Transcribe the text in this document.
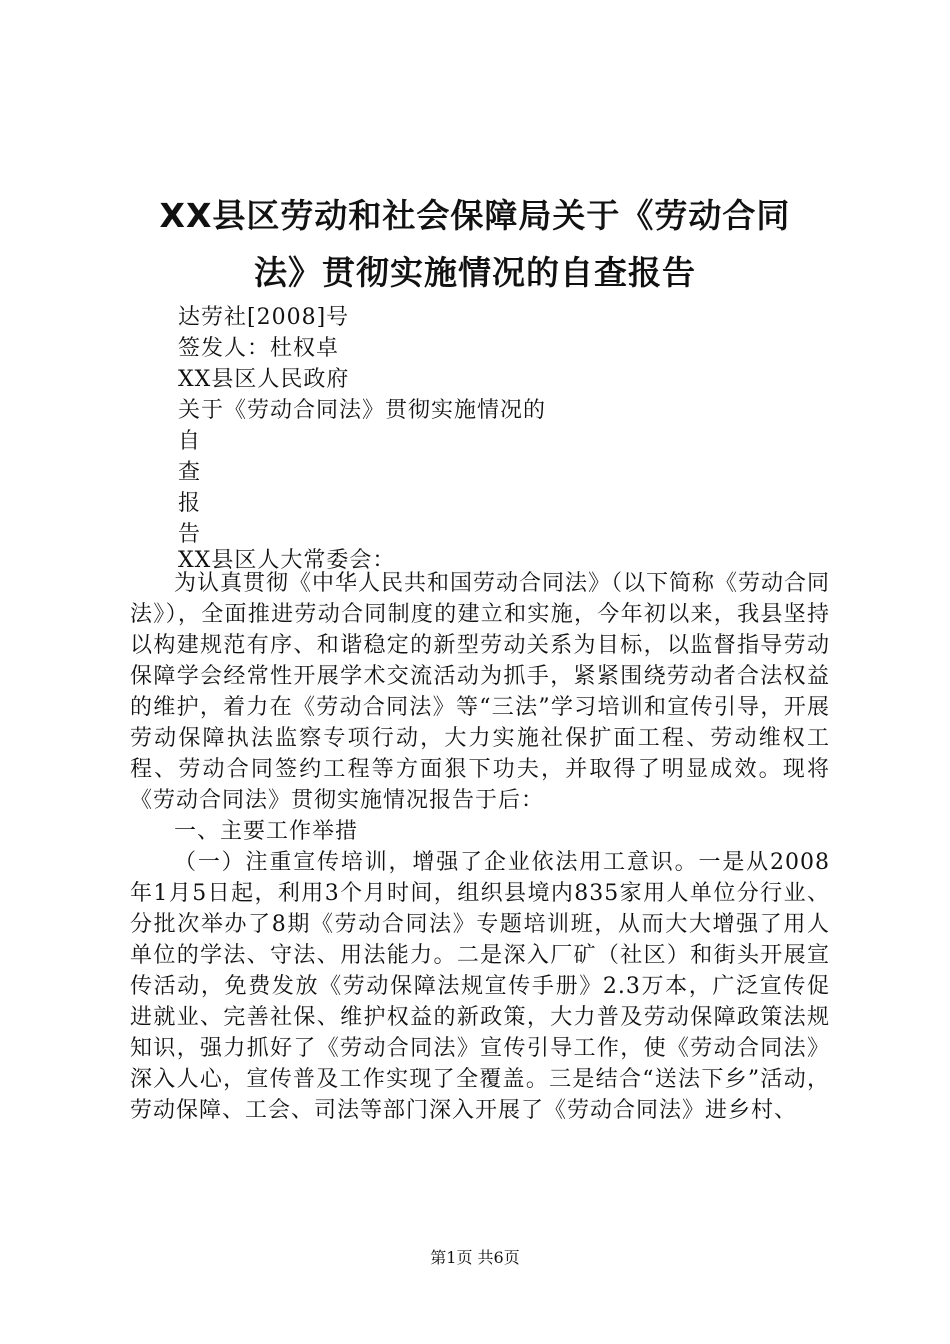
XX县区劳动和社会保障局关于《劳动合同
法》贯彻实施情况的自查报告
达劳社[2008]号
签发人：杜权卓
XX县区人民政府
关于《劳动合同法》贯彻实施情况的
自
查
报
告
XX县区人大常委会：

为认真贯彻《中华人民共和国劳动合同法》（以下简称《劳动合同法》），全面推进劳动合同制度的建立和实施，今年初以来，我县坚持以构建规范有序、和谐稳定的新型劳动关系为目标，以监督指导劳动保障学会经常性开展学术交流活动为抓手，紧紧围绕劳动者合法权益的维护，着力在《劳动合同法》等“三法”学习培训和宣传引导，开展劳动保障执法监察专项行动，大力实施社保扩面工程、劳动维权工程、劳动合同签约工程等方面狠下功夫，并取得了明显成效。现将《劳动合同法》贯彻实施情况报告于后：

一、主要工作举措

（一）注重宣传培训，增强了企业依法用工意识。一是从2008年1月5日起，利用3个月时间，组织县境内835家用人单位分行业、分批次举办了8期《劳动合同法》专题培训班，从而大大增强了用人单位的学法、守法、用法能力。二是深入厂矿（社区）和街头开展宣传活动，免费发放《劳动保障法规宣传手册》2.3万本，广泛宣传促进就业、完善社保、维护权益的新政策，大力普及劳动保障政策法规知识，强力抓好了《劳动合同法》宣传引导工作，使《劳动合同法》深入人心，宣传普及工作实现了全覆盖。三是结合“送法下乡”活动，劳动保障、工会、司法等部门深入开展了《劳动合同法》进乡村、

第1页 共6页
